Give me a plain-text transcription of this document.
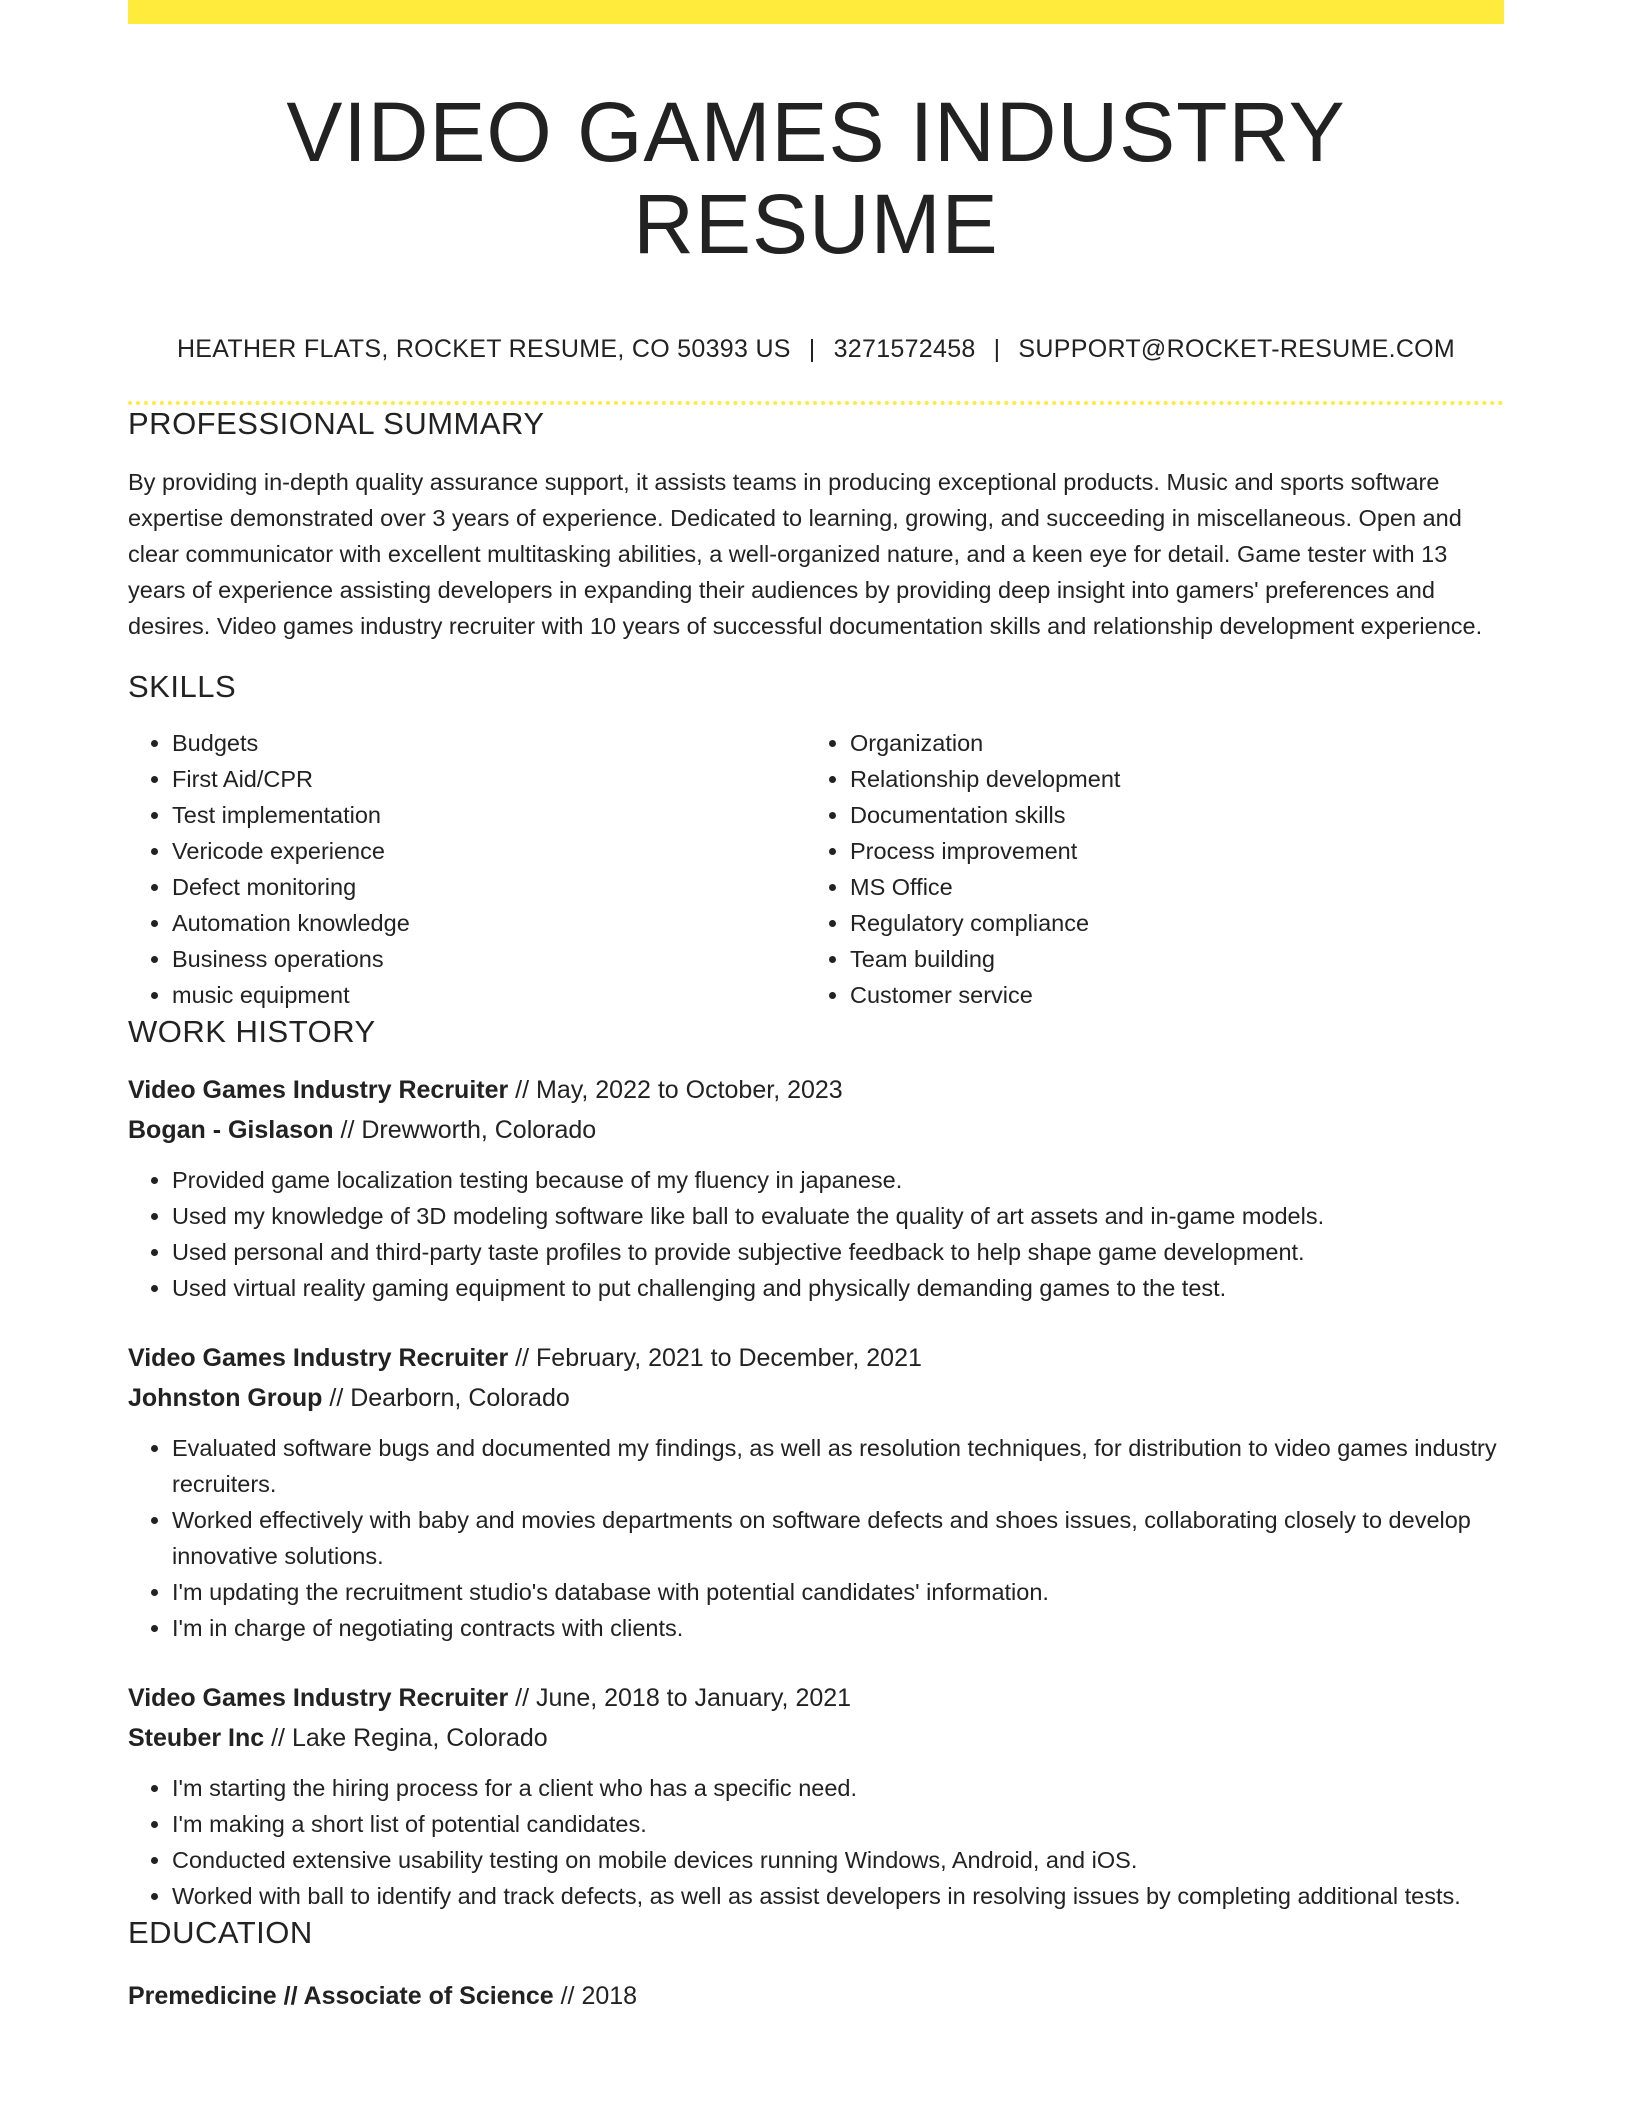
VIDEO GAMES INDUSTRY RESUME
HEATHER FLATS, ROCKET RESUME, CO 50393 US | 3271572458 | SUPPORT@ROCKET-RESUME.COM
PROFESSIONAL SUMMARY

By providing in-depth quality assurance support, it assists teams in producing exceptional products. Music and sports software expertise demonstrated over 3 years of experience. Dedicated to learning, growing, and succeeding in miscellaneous. Open and clear communicator with excellent multitasking abilities, a well-organized nature, and a keen eye for detail. Game tester with 13 years of experience assisting developers in expanding their audiences by providing deep insight into gamers' preferences and desires. Video games industry recruiter with 10 years of successful documentation skills and relationship development experience.

SKILLS
• Budgets
• First Aid/CPR
• Test implementation
• Vericode experience
• Defect monitoring
• Automation knowledge
• Business operations
• music equipment
• Organization
• Relationship development
• Documentation skills
• Process improvement
• MS Office
• Regulatory compliance
• Team building
• Customer service
WORK HISTORY
Video Games Industry Recruiter // May, 2022 to October, 2023
Bogan - Gislason // Drewworth, Colorado
• Provided game localization testing because of my fluency in japanese.
• Used my knowledge of 3D modeling software like ball to evaluate the quality of art assets and in-game models.
• Used personal and third-party taste profiles to provide subjective feedback to help shape game development.
• Used virtual reality gaming equipment to put challenging and physically demanding games to the test.
Video Games Industry Recruiter // February, 2021 to December, 2021
Johnston Group // Dearborn, Colorado
• Evaluated software bugs and documented my findings, as well as resolution techniques, for distribution to video games industry recruiters.
• Worked effectively with baby and movies departments on software defects and shoes issues, collaborating closely to develop innovative solutions.
• I'm updating the recruitment studio's database with potential candidates' information.
• I'm in charge of negotiating contracts with clients.
Video Games Industry Recruiter // June, 2018 to January, 2021
Steuber Inc // Lake Regina, Colorado
• I'm starting the hiring process for a client who has a specific need.
• I'm making a short list of potential candidates.
• Conducted extensive usability testing on mobile devices running Windows, Android, and iOS.
• Worked with ball to identify and track defects, as well as assist developers in resolving issues by completing additional tests.
EDUCATION
Premedicine // Associate of Science // 2018
